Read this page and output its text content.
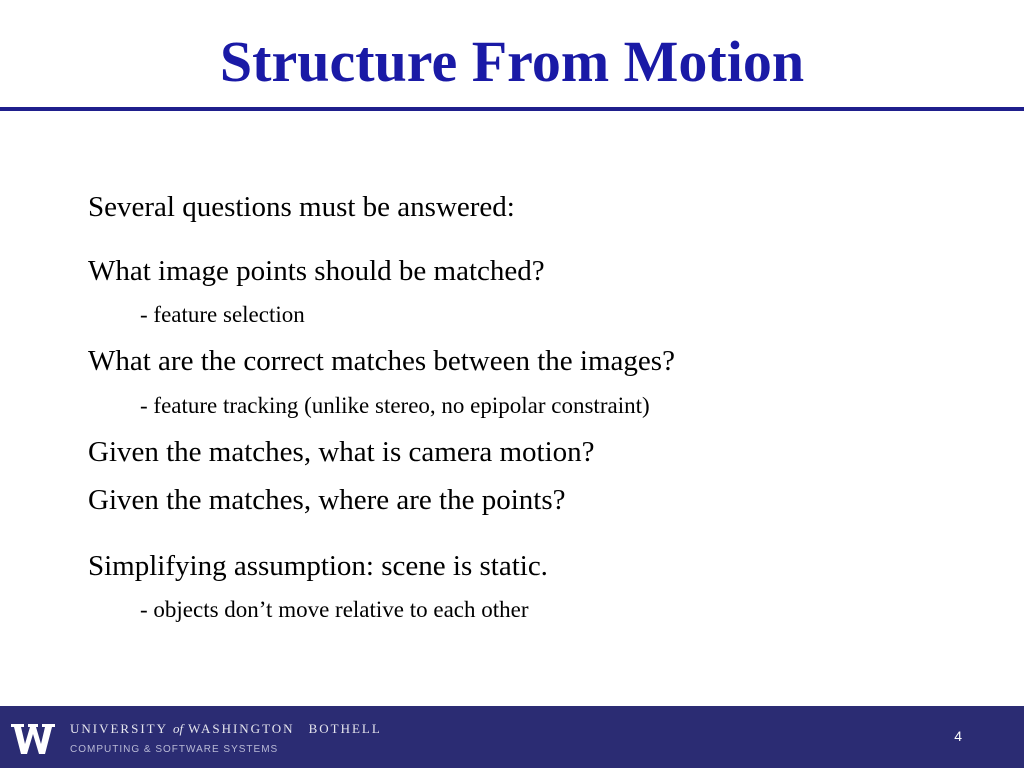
Structure From Motion
Several questions must be answered:
What image points should be matched?
- feature selection
What are the correct matches between the images?
- feature tracking (unlike stereo, no epipolar constraint)
Given the matches, what is camera motion?
Given the matches, where are the points?
Simplifying assumption: scene is static.
- objects don’t move relative to each other
UNIVERSITY of WASHINGTON BOTHELL
COMPUTING & SOFTWARE SYSTEMS
4
